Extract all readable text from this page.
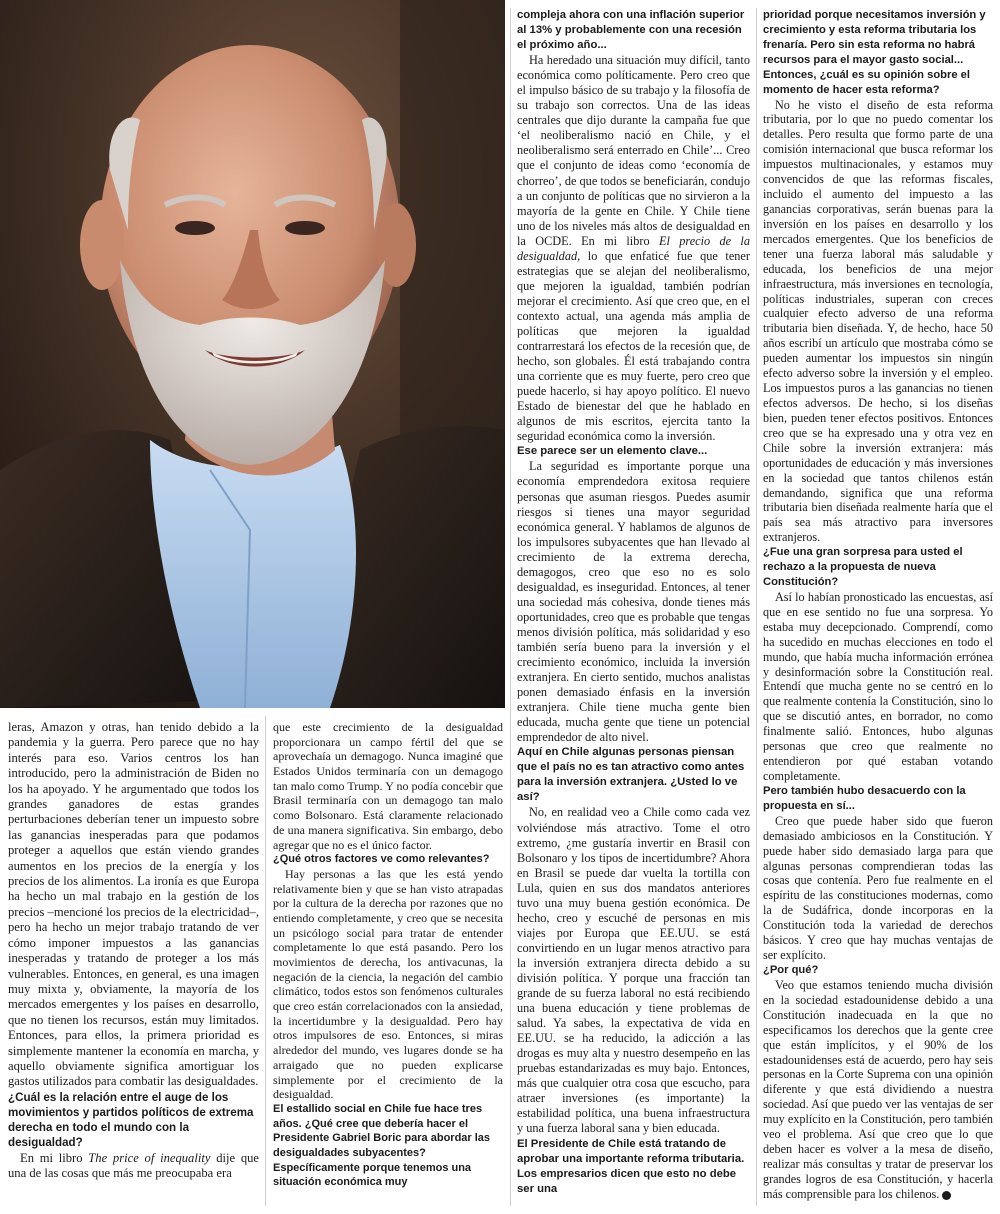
leras, Amazon y otras, han tenido debido a la pandemia y la guerra. Pero parece que no hay interés para eso. Varios centros los han introducido, pero la administración de Biden no los ha apoyado. Y he argumentado que todos los grandes ganadores de estas grandes perturbaciones deberían tener un impuesto sobre las ganancias inesperadas para que podamos proteger a aquellos que están viendo grandes aumentos en los precios de la energía y los precios de los alimentos. La ironía es que Europa ha hecho un mal trabajo en la gestión de los precios –mencioné los precios de la electricidad–, pero ha hecho un mejor trabajo tratando de ver cómo imponer impuestos a las ganancias inesperadas y tratando de proteger a los más vulnerables. Entonces, en general, es una imagen muy mixta y, obviamente, la mayoría de los mercados emergentes y los países en desarrollo, que no tienen los recursos, están muy limitados. Entonces, para ellos, la primera prioridad es simplemente mantener la economía en marcha, y aquello obviamente significa amortiguar los gastos utilizados para combatir las desigualdades.

¿Cuál es la relación entre el auge de los movimientos y partidos políticos de extrema derecha en todo el mundo con la desigualdad?

En mi libro The price of inequality dije que una de las cosas que más me preocupaba era

que este crecimiento de la desigualdad proporcionara un campo fértil del que se aprovechaía un demagogo. Nunca imaginé que Estados Unidos terminaría con un demagogo tan malo como Trump. Y no podía concebir que Brasil terminaría con un demagogo tan malo como Bolsonaro. Está claramente relacionado de una manera significativa. Sin embargo, debo agregar que no es el único factor.

¿Qué otros factores ve como relevantes?

Hay personas a las que les está yendo relativamente bien y que se han visto atrapadas por la cultura de la derecha por razones que no entiendo completamente, y creo que se necesita un psicólogo social para tratar de entender completamente lo que está pasando. Pero los movimientos de derecha, los antivacunas, la negación de la ciencia, la negación del cambio climático, todos estos son fenómenos culturales que creo están correlacionados con la ansiedad, la incertidumbre y la desigualdad. Pero hay otros impulsores de eso. Entonces, si miras alrededor del mundo, ves lugares donde se ha arraigado que no pueden explicarse simplemente por el crecimiento de la desigualdad.

El estallido social en Chile fue hace tres años. ¿Qué cree que debería hacer el Presidente Gabriel Boric para abordar las desigualdades subyacentes? Específicamente porque tenemos una situación económica muy
compleja ahora con una inflación superior al 13% y probablemente con una recesión el próximo año...

Ha heredado una situación muy difícil, tanto económica como políticamente. Pero creo que el impulso básico de su trabajo y la filosofía de su trabajo son correctos. Una de las ideas centrales que dijo durante la campaña fue que ‘el neoliberalismo nació en Chile, y el neoliberalismo será enterrado en Chile’... Creo que el conjunto de ideas como ‘economía de chorreo’, de que todos se beneficiarán, condujo a un conjunto de políticas que no sirvieron a la mayoría de la gente en Chile. Y Chile tiene uno de los niveles más altos de desigualdad en la OCDE. En mi libro El precio de la desigualdad, lo que enfaticé fue que tener estrategias que se alejan del neoliberalismo, que mejoren la igualdad, también podrían mejorar el crecimiento. Así que creo que, en el contexto actual, una agenda más amplia de políticas que mejoren la igualdad contrarrestará los efectos de la recesión que, de hecho, son globales. Él está trabajando contra una corriente que es muy fuerte, pero creo que puede hacerlo, si hay apoyo político. El nuevo Estado de bienestar del que he hablado en algunos de mis escritos, ejercita tanto la seguridad económica como la inversión.

Ese parece ser un elemento clave...

La seguridad es importante porque una economía emprendedora exitosa requiere personas que asuman riesgos. Puedes asumir riesgos si tienes una mayor seguridad económica general. Y hablamos de algunos de los impulsores subyacentes que han llevado al crecimiento de la extrema derecha, demagogos, creo que eso no es solo desigualdad, es inseguridad. Entonces, al tener una sociedad más cohesiva, donde tienes más oportunidades, creo que es probable que tengas menos división política, más solidaridad y eso también sería bueno para la inversión y el crecimiento económico, incluida la inversión extranjera. En cierto sentido, muchos analistas ponen demasiado énfasis en la inversión extranjera. Chile tiene mucha gente bien educada, mucha gente que tiene un potencial emprendedor de alto nivel.

Aquí en Chile algunas personas piensan que el país no es tan atractivo como antes para la inversión extranjera. ¿Usted lo ve así?

No, en realidad veo a Chile como cada vez volviéndose más atractivo. Tome el otro extremo, ¿me gustaría invertir en Brasil con Bolsonaro y los tipos de incertidumbre? Ahora en Brasil se puede dar vuelta la tortilla con Lula, quien en sus dos mandatos anteriores tuvo una muy buena gestión económica. De hecho, creo y escuché de personas en mis viajes por Europa que EE.UU. se está convirtiendo en un lugar menos atractivo para la inversión extranjera directa debido a su división política. Y porque una fracción tan grande de su fuerza laboral no está recibiendo una buena educación y tiene problemas de salud. Ya sabes, la expectativa de vida en EE.UU. se ha reducido, la adicción a las drogas es muy alta y nuestro desempeño en las pruebas estandarizadas es muy bajo. Entonces, más que cualquier otra cosa que escucho, para atraer inversiones (es importante) la estabilidad política, una buena infraestructura y una fuerza laboral sana y bien educada.

El Presidente de Chile está tratando de aprobar una importante reforma tributaria. Los empresarios dicen que esto no debe ser una
prioridad porque necesitamos inversión y crecimiento y esta reforma tributaria los frenaría. Pero sin esta reforma no habrá recursos para el mayor gasto social... Entonces, ¿cuál es su opinión sobre el momento de hacer esta reforma?

No he visto el diseño de esta reforma tributaria, por lo que no puedo comentar los detalles. Pero resulta que formo parte de una comisión internacional que busca reformar los impuestos multinacionales, y estamos muy convencidos de que las reformas fiscales, incluido el aumento del impuesto a las ganancias corporativas, serán buenas para la inversión en los países en desarrollo y los mercados emergentes. Que los beneficios de tener una fuerza laboral más saludable y educada, los beneficios de una mejor infraestructura, más inversiones en tecnología, políticas industriales, superan con creces cualquier efecto adverso de una reforma tributaria bien diseñada. Y, de hecho, hace 50 años escribí un artículo que mostraba cómo se pueden aumentar los impuestos sin ningún efecto adverso sobre la inversión y el empleo. Los impuestos puros a las ganancias no tienen efectos adversos. De hecho, si los diseñas bien, pueden tener efectos positivos. Entonces creo que se ha expresado una y otra vez en Chile sobre la inversión extranjera: más oportunidades de educación y más inversiones en la sociedad que tantos chilenos están demandando, significa que una reforma tributaria bien diseñada realmente haría que el país sea más atractivo para inversores extranjeros.

¿Fue una gran sorpresa para usted el rechazo a la propuesta de nueva Constitución?

Así lo habían pronosticado las encuestas, así que en ese sentido no fue una sorpresa. Yo estaba muy decepcionado. Comprendí, como ha sucedido en muchas elecciones en todo el mundo, que había mucha información errónea y desinformación sobre la Constitución real. Entendí que mucha gente no se centró en lo que realmente contenía la Constitución, sino lo que se discutió antes, en borrador, no como finalmente salió. Entonces, hubo algunas personas que creo que realmente no entendieron por qué estaban votando completamente.

Pero también hubo desacuerdo con la propuesta en sí...

Creo que puede haber sido que fueron demasiado ambiciosos en la Constitución. Y puede haber sido demasiado larga para que algunas personas comprendieran todas las cosas que contenía. Pero fue realmente en el espíritu de las constituciones modernas, como la de Sudáfrica, donde incorporas en la Constitución toda la variedad de derechos básicos. Y creo que hay muchas ventajas de ser explícito.

¿Por qué?

Veo que estamos teniendo mucha división en la sociedad estadounidense debido a una Constitución inadecuada en la que no especificamos los derechos que la gente cree que están implícitos, y el 90% de los estadounidenses está de acuerdo, pero hay seis personas en la Corte Suprema con una opinión diferente y que está dividiendo a nuestra sociedad. Así que puedo ver las ventajas de ser muy explícito en la Constitución, pero también veo el problema. Así que creo que lo que deben hacer es volver a la mesa de diseño, realizar más consultas y tratar de preservar los grandes logros de esa Constitución, y hacerla más comprensible para los chilenos.	●
